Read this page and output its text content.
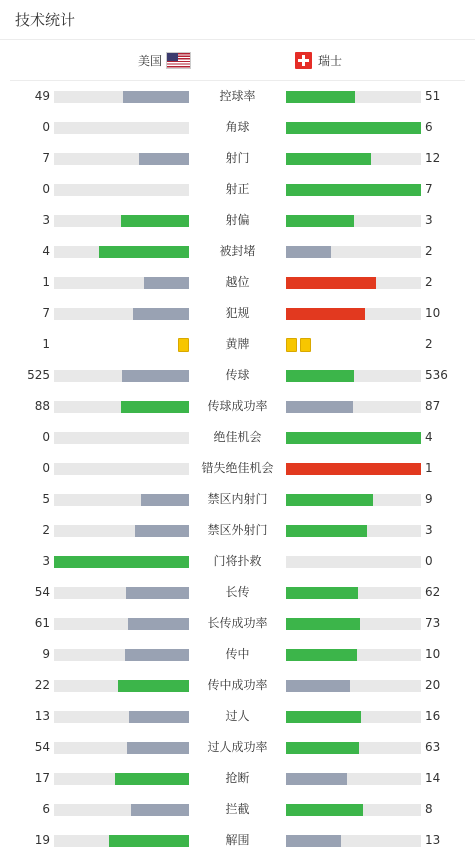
技术统计
美国	瑞士
49	控球率	51
0	角球	6
7	射门	12
0	射正	7
3	射偏	3
4	被封堵	2
1	越位	2
7	犯规	10
1	黄牌	2
525	传球	536
88	传球成功率	87
0	绝佳机会	4
0	错失绝佳机会	1
5	禁区内射门	9
2	禁区外射门	3
3	门将扑救	0
54	长传	62
61	长传成功率	73
9	传中	10
22	传中成功率	20
13	过人	16
54	过人成功率	63
17	抢断	14
6	拦截	8
19	解围	13
